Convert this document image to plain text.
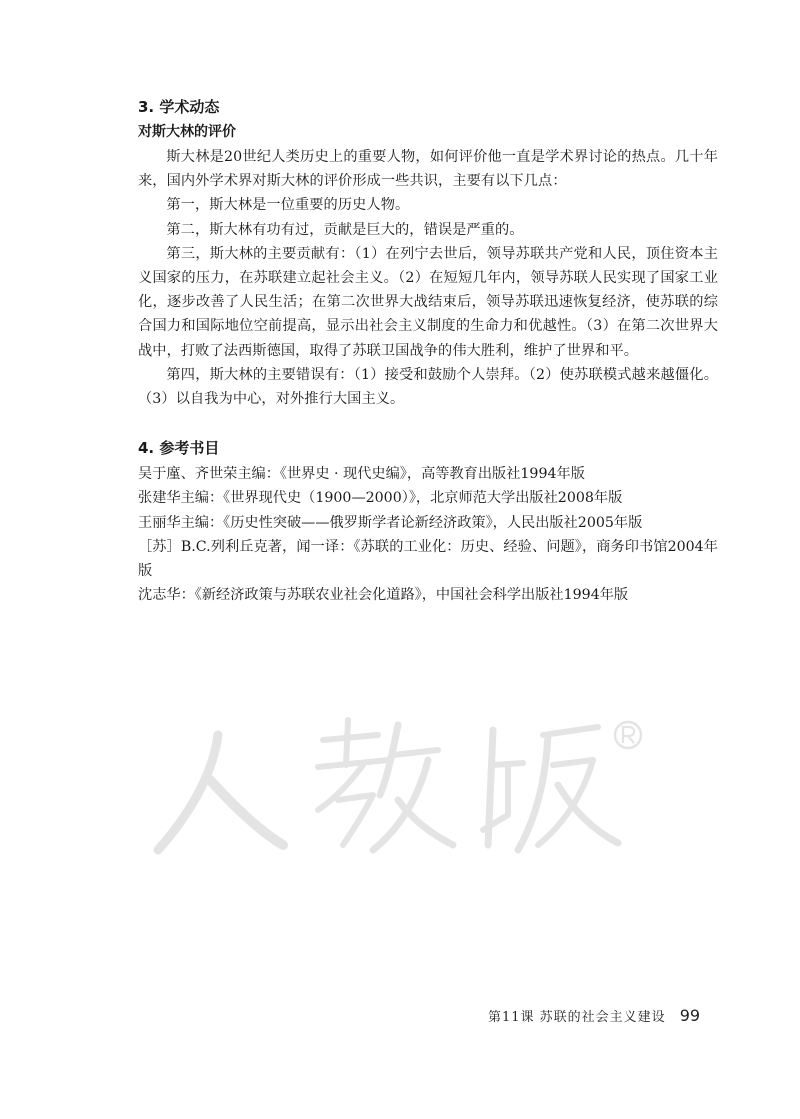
3. 学术动态
对斯大林的评价

斯大林是20世纪人类历史上的重要人物，如何评价他一直是学术界讨论的热点。几十年来，国内外学术界对斯大林的评价形成一些共识，主要有以下几点：

第一，斯大林是一位重要的历史人物。

第二，斯大林有功有过，贡献是巨大的，错误是严重的。

第三，斯大林的主要贡献有：（1）在列宁去世后，领导苏联共产党和人民，顶住资本主义国家的压力，在苏联建立起社会主义。（2）在短短几年内，领导苏联人民实现了国家工业化，逐步改善了人民生活；在第二次世界大战结束后，领导苏联迅速恢复经济，使苏联的综合国力和国际地位空前提高，显示出社会主义制度的生命力和优越性。（3）在第二次世界大战中，打败了法西斯德国，取得了苏联卫国战争的伟大胜利，维护了世界和平。

第四，斯大林的主要错误有：（1）接受和鼓励个人崇拜。（2）使苏联模式越来越僵化。（3）以自我为中心，对外推行大国主义。

4. 参考书目
吴于廑、齐世荣主编：《世界史 · 现代史编》，高等教育出版社1994年版
张建华主编：《世界现代史（1900—2000）》，北京师范大学出版社2008年版
王丽华主编：《历史性突破——俄罗斯学者论新经济政策》，人民出版社2005年版
［苏］B.C.列利丘克著，闻一译：《苏联的工业化：历史、经验、问题》，商务印书馆2004年版
沈志华：《新经济政策与苏联农业社会化道路》，中国社会科学出版社1994年版
第11课 苏联的社会主义建设 99
